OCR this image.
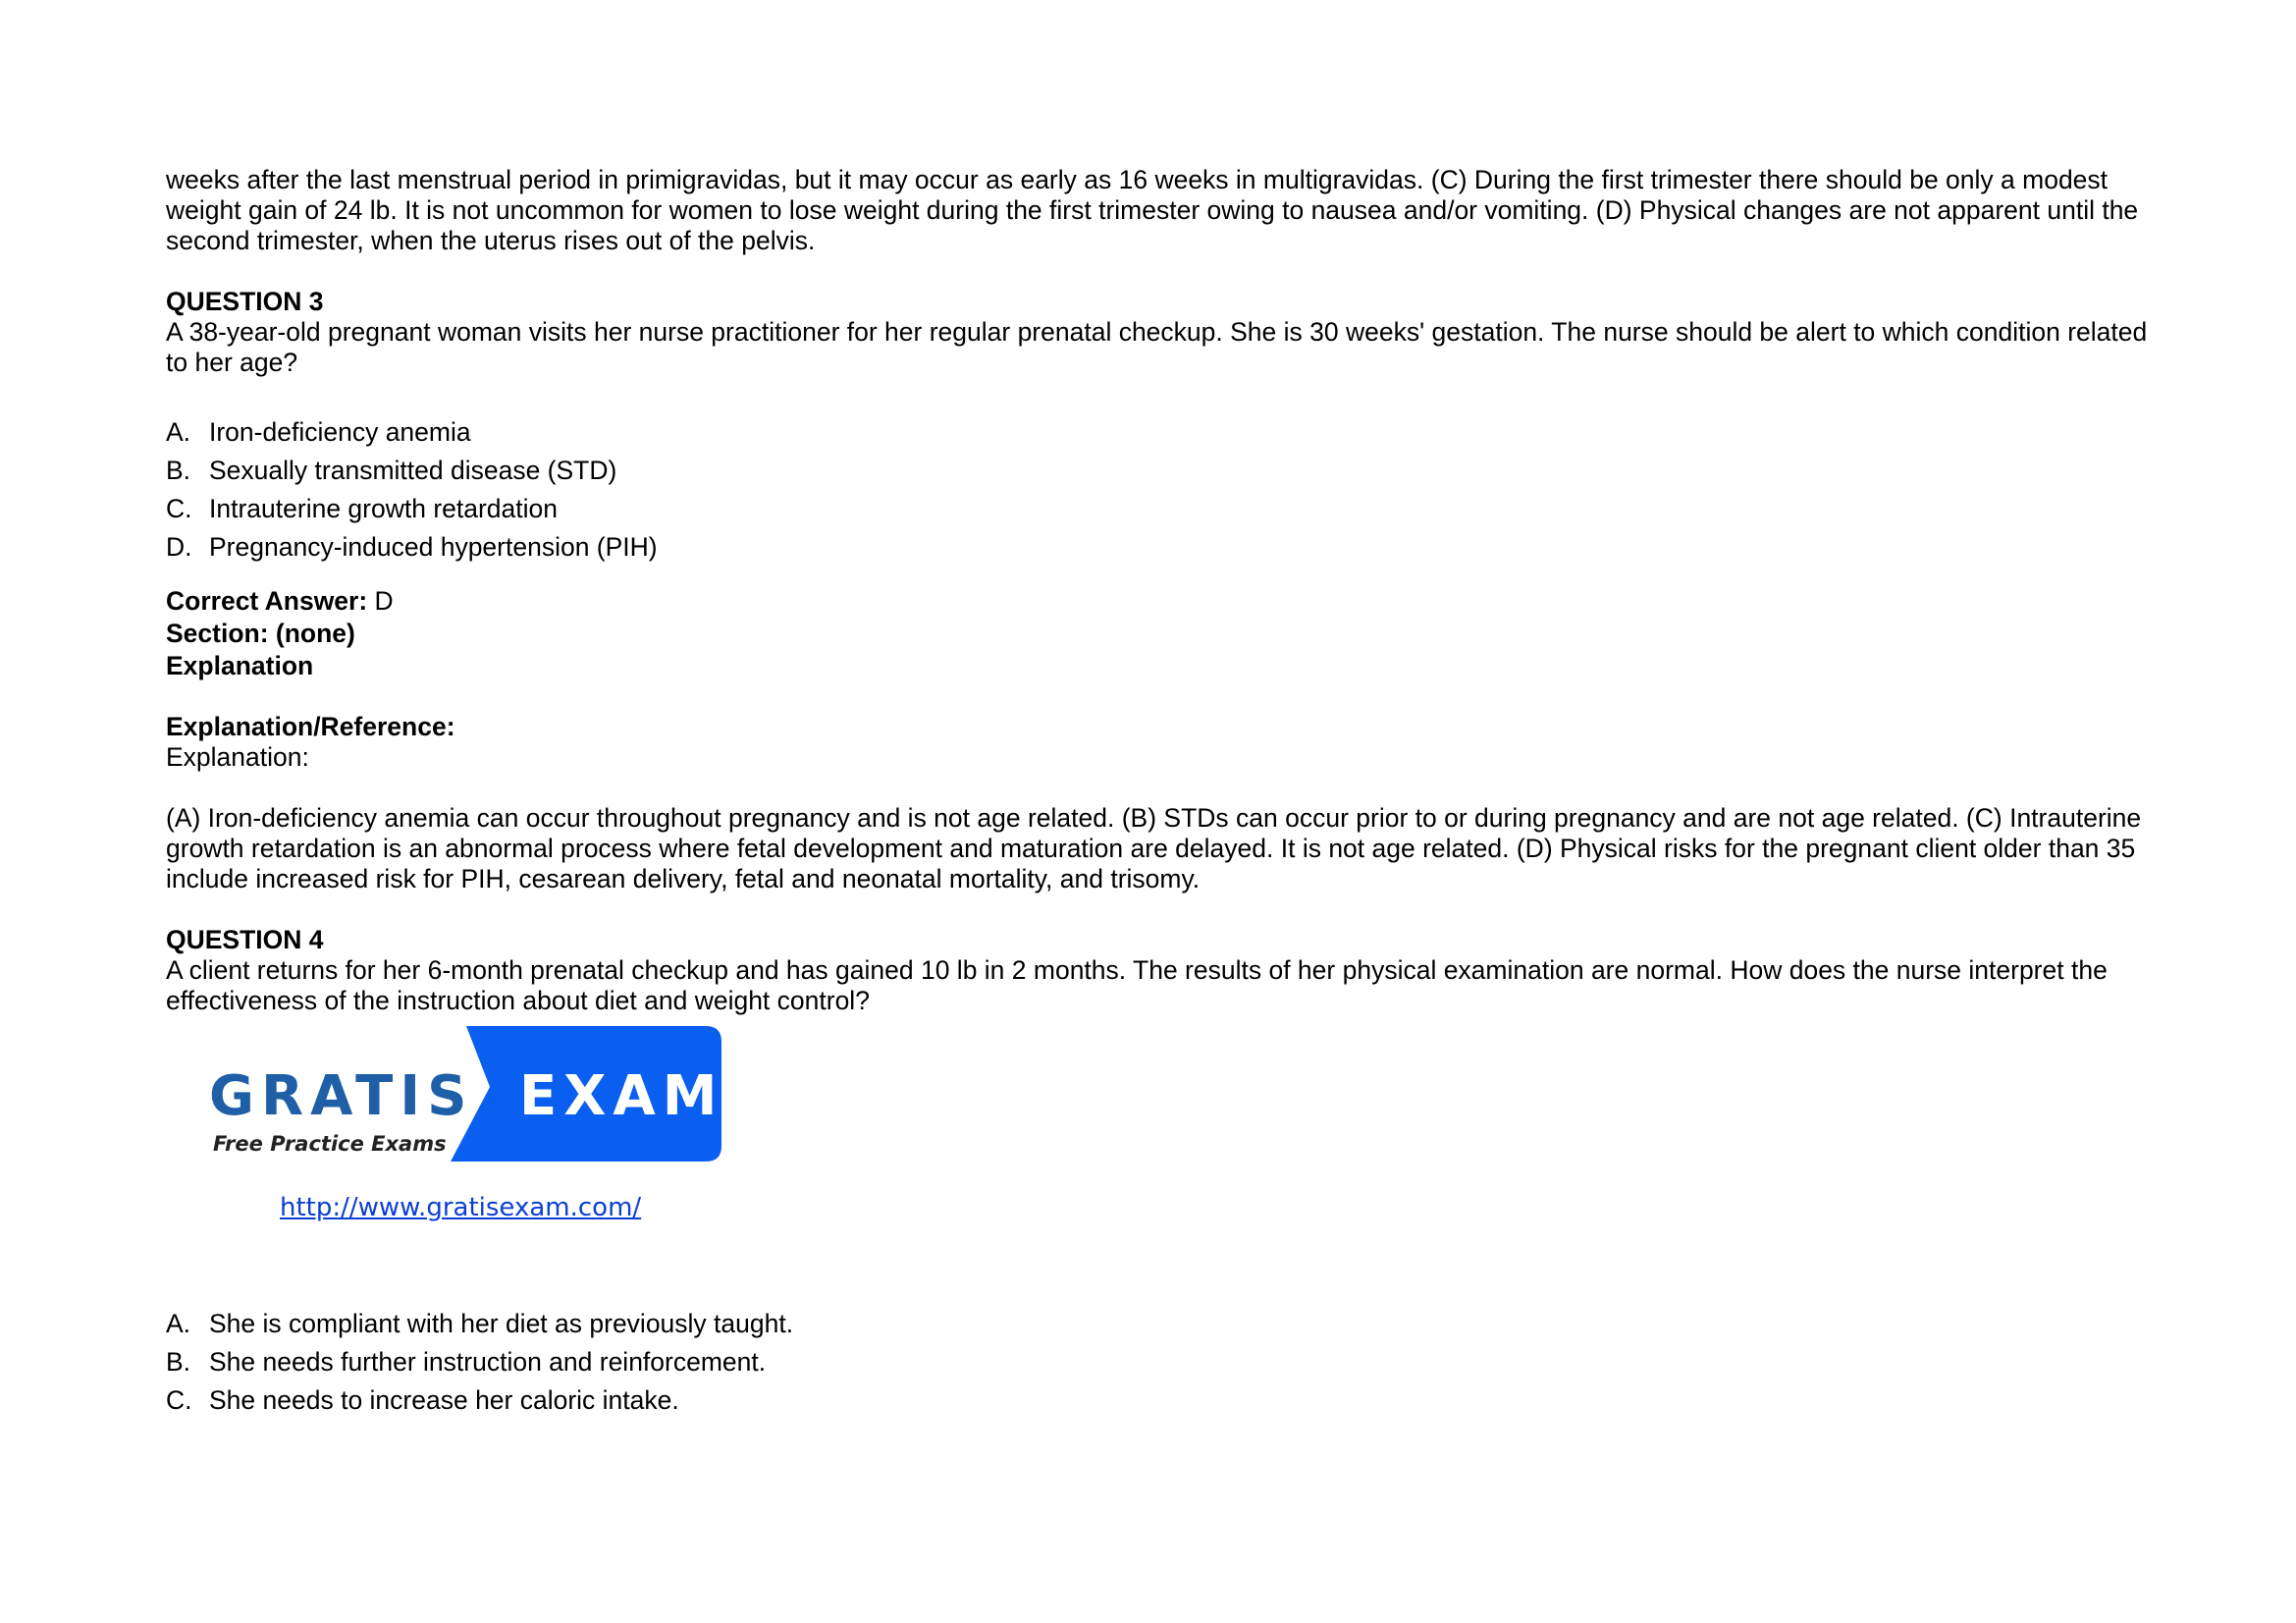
weeks after the last menstrual period in primigravidas, but it may occur as early as 16 weeks in multigravidas. (C) During the first trimester there should be only a modest weight gain of 24 lb. It is not uncommon for women to lose weight during the first trimester owing to nausea and/or vomiting. (D) Physical changes are not apparent until the second trimester, when the uterus rises out of the pelvis.

QUESTION 3

A 38-year-old pregnant woman visits her nurse practitioner for her regular prenatal checkup. She is 30 weeks' gestation. The nurse should be alert to which condition related to her age?

A. Iron-deficiency anemia
B. Sexually transmitted disease (STD)
C. Intrauterine growth retardation
D. Pregnancy-induced hypertension (PIH)

Correct Answer: D

Section: (none)

Explanation

Explanation/Reference:

Explanation:

(A) Iron-deficiency anemia can occur throughout pregnancy and is not age related. (B) STDs can occur prior to or during pregnancy and are not age related. (C) Intrauterine growth retardation is an abnormal process where fetal development and maturation are delayed. It is not age related. (D) Physical risks for the pregnant client older than 35 include increased risk for PIH, cesarean delivery, fetal and neonatal mortality, and trisomy.

QUESTION 4

A client returns for her 6-month prenatal checkup and has gained 10 lb in 2 months. The results of her physical examination are normal. How does the nurse interpret the effectiveness of the instruction about diet and weight control?

GRATIS EXAM
Free Practice Exams
http://www.gratisexam.com/
A. She is compliant with her diet as previously taught.
B. She needs further instruction and reinforcement.
C. She needs to increase her caloric intake.
